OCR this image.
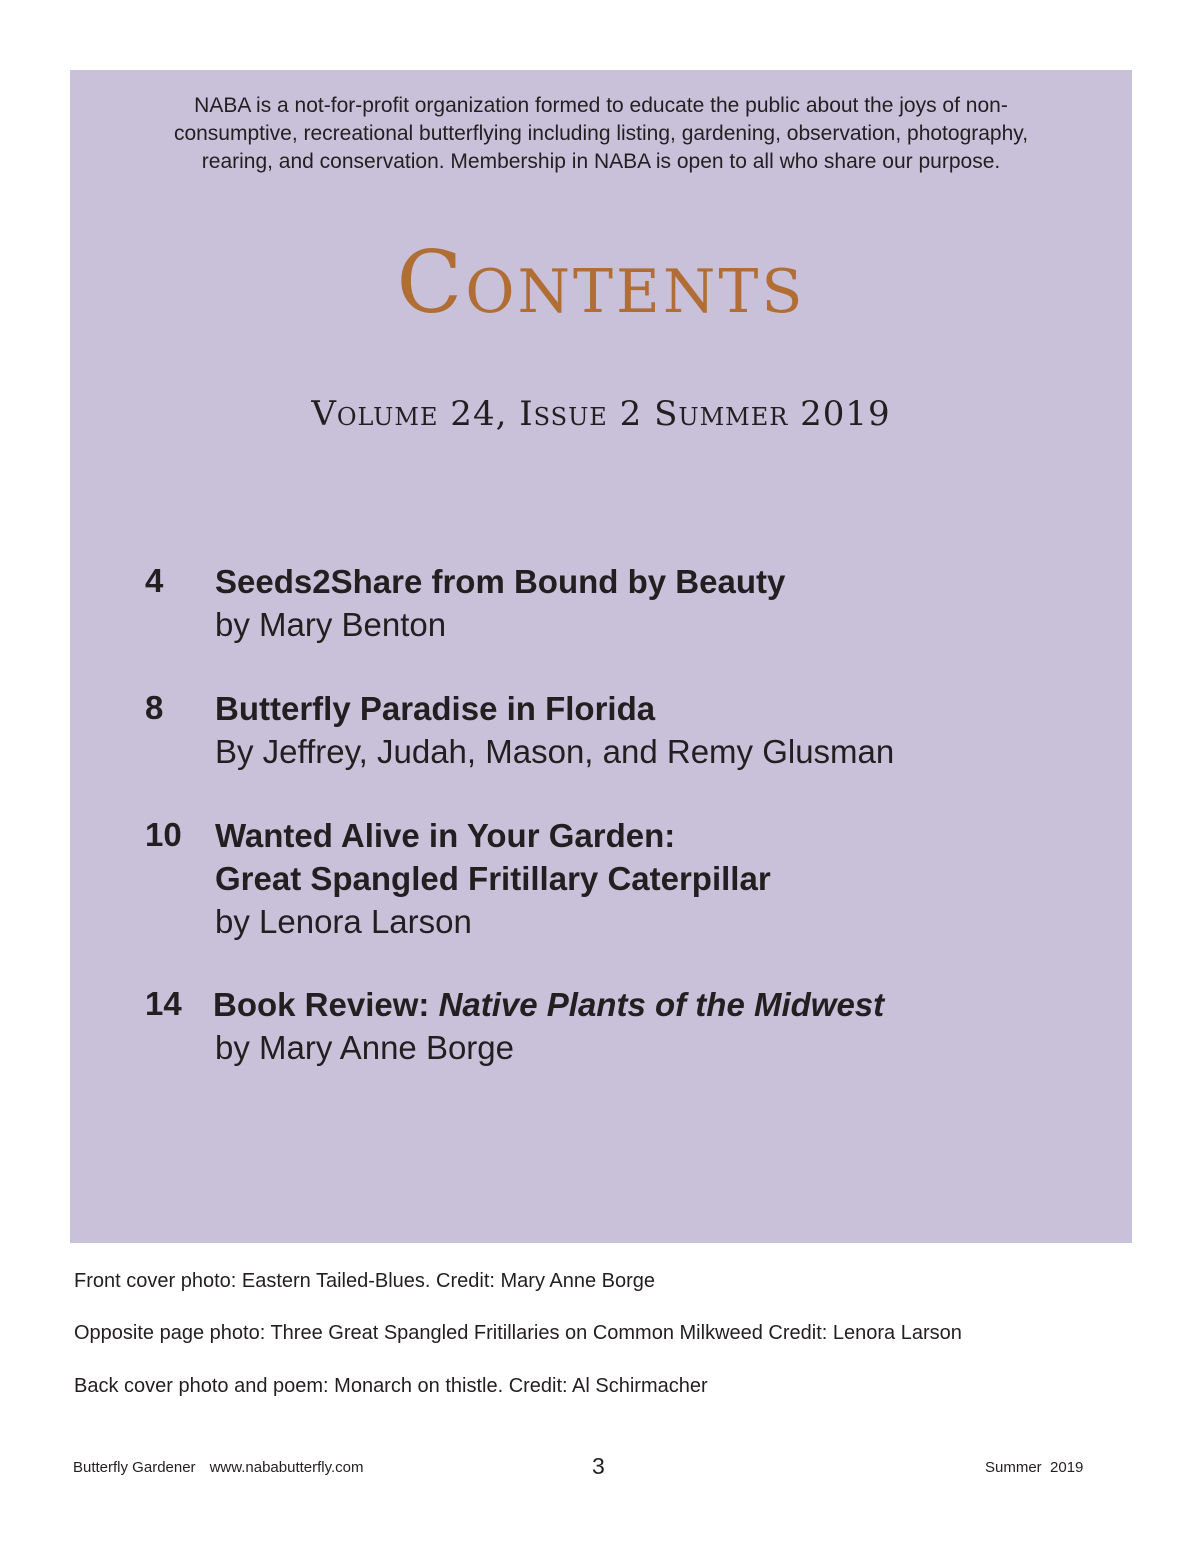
NABA is a not-for-profit organization formed to educate the public about the joys of non-
consumptive, recreational butterflying including listing, gardening, observation, photography,
rearing, and conservation. Membership in NABA is open to all who share our purpose.
Contents
Volume 24, Issue 2 Summer 2019
4 Seeds2Share from Bound by Beauty
by Mary Benton
8 Butterfly Paradise in Florida
By Jeffrey, Judah, Mason, and Remy Glusman
10 Wanted Alive in Your Garden:
Great Spangled Fritillary Caterpillar
by Lenora Larson
14 Book Review: Native Plants of the Midwest
by Mary Anne Borge
Front cover photo: Eastern Tailed-Blues. Credit: Mary Anne Borge
Opposite page photo: Three Great Spangled Fritillaries on Common Milkweed Credit: Lenora Larson
Back cover photo and poem: Monarch on thistle. Credit: Al Schirmacher
Butterfly Gardener www.nababutterfly.com	3	Summer  2019
